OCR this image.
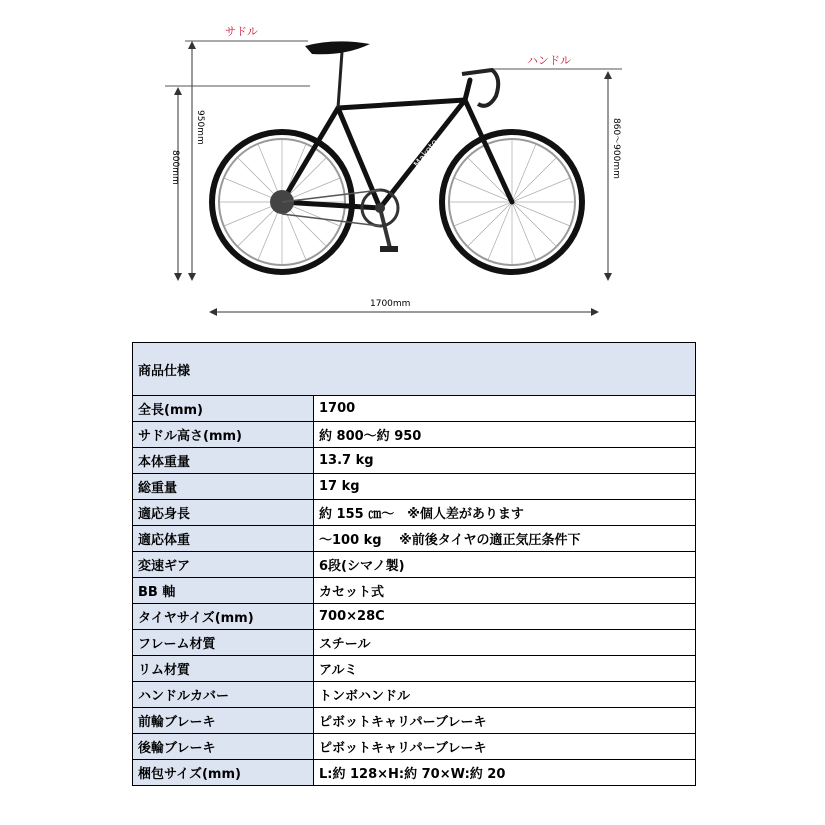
サドル
950mm
800mm
ハンドル
860～900mm
1700mm
Makoto
商品仕様	
全長(mm)	1700
サドル高さ(mm)	約 800～約 950
本体重量	13.7 kg
総重量	17 kg
適応身長	約 155 ㎝～　※個人差があります
適応体重	～100 kg　 ※前後タイヤの適正気圧条件下
変速ギア	6段(シマノ製)
BB 軸	カセット式
タイヤサイズ(mm)	700×28C
フレーム材質	スチール
リム材質	アルミ
ハンドルカバー	トンボハンドル
前輪ブレーキ	ピボットキャリパーブレーキ
後輪ブレーキ	ピボットキャリパーブレーキ
梱包サイズ(mm)	L:約 128×H:約 70×W:約 20
